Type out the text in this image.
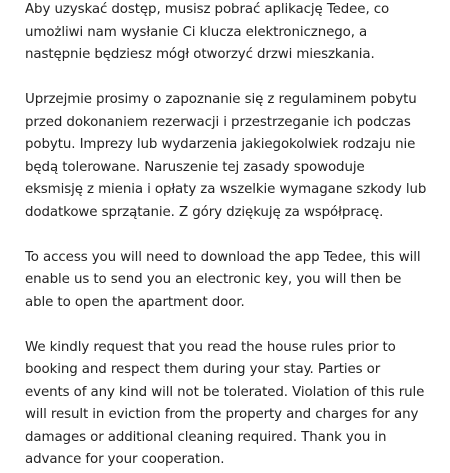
Aby uzyskać dostęp, musisz pobrać aplikację Tedee, co
umożliwi nam wysłanie Ci klucza elektronicznego, a
następnie będziesz mógł otworzyć drzwi mieszkania.

Uprzejmie prosimy o zapoznanie się z regulaminem pobytu
przed dokonaniem rezerwacji i przestrzeganie ich podczas
pobytu. Imprezy lub wydarzenia jakiegokolwiek rodzaju nie
będą tolerowane. Naruszenie tej zasady spowoduje
eksmisję z mienia i opłaty za wszelkie wymagane szkody lub
dodatkowe sprzątanie. Z góry dziękuję za współpracę.

To access you will need to download the app Tedee, this will
enable us to send you an electronic key, you will then be
able to open the apartment door.

We kindly request that you read the house rules prior to
booking and respect them during your stay. Parties or
events of any kind will not be tolerated. Violation of this rule
will result in eviction from the property and charges for any
damages or additional cleaning required. Thank you in
advance for your cooperation.
